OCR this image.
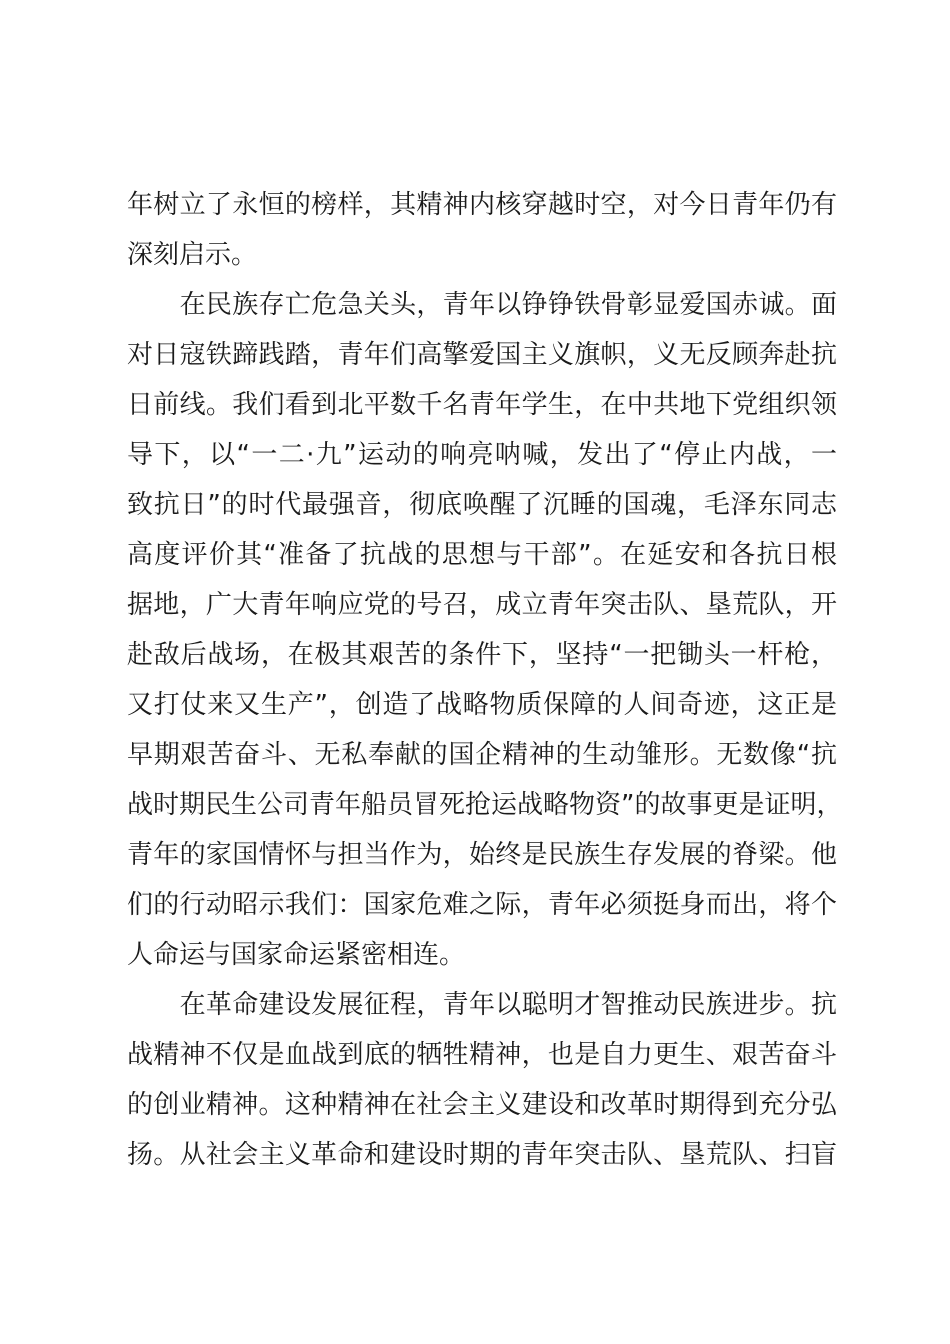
年树立了永恒的榜样，其精神内核穿越时空，对今日青年仍有
深刻启示。
　　在民族存亡危急关头，青年以铮铮铁骨彰显爱国赤诚。面
对日寇铁蹄践踏，青年们高擎爱国主义旗帜，义无反顾奔赴抗
日前线。我们看到北平数千名青年学生，在中共地下党组织领
导下，以“一二·九”运动的响亮呐喊，发出了“停止内战，一
致抗日”的时代最强音，彻底唤醒了沉睡的国魂，毛泽东同志
高度评价其“准备了抗战的思想与干部”。在延安和各抗日根
据地，广大青年响应党的号召，成立青年突击队、垦荒队，开
赴敌后战场，在极其艰苦的条件下，坚持“一把锄头一杆枪，
又打仗来又生产”，创造了战略物质保障的人间奇迹，这正是
早期艰苦奋斗、无私奉献的国企精神的生动雏形。无数像“抗
战时期民生公司青年船员冒死抢运战略物资”的故事更是证明，
青年的家国情怀与担当作为，始终是民族生存发展的脊梁。他
们的行动昭示我们：国家危难之际，青年必须挺身而出，将个
人命运与国家命运紧密相连。
　　在革命建设发展征程，青年以聪明才智推动民族进步。抗
战精神不仅是血战到底的牺牲精神，也是自力更生、艰苦奋斗
的创业精神。这种精神在社会主义建设和改革时期得到充分弘
扬。从社会主义革命和建设时期的青年突击队、垦荒队、扫盲
